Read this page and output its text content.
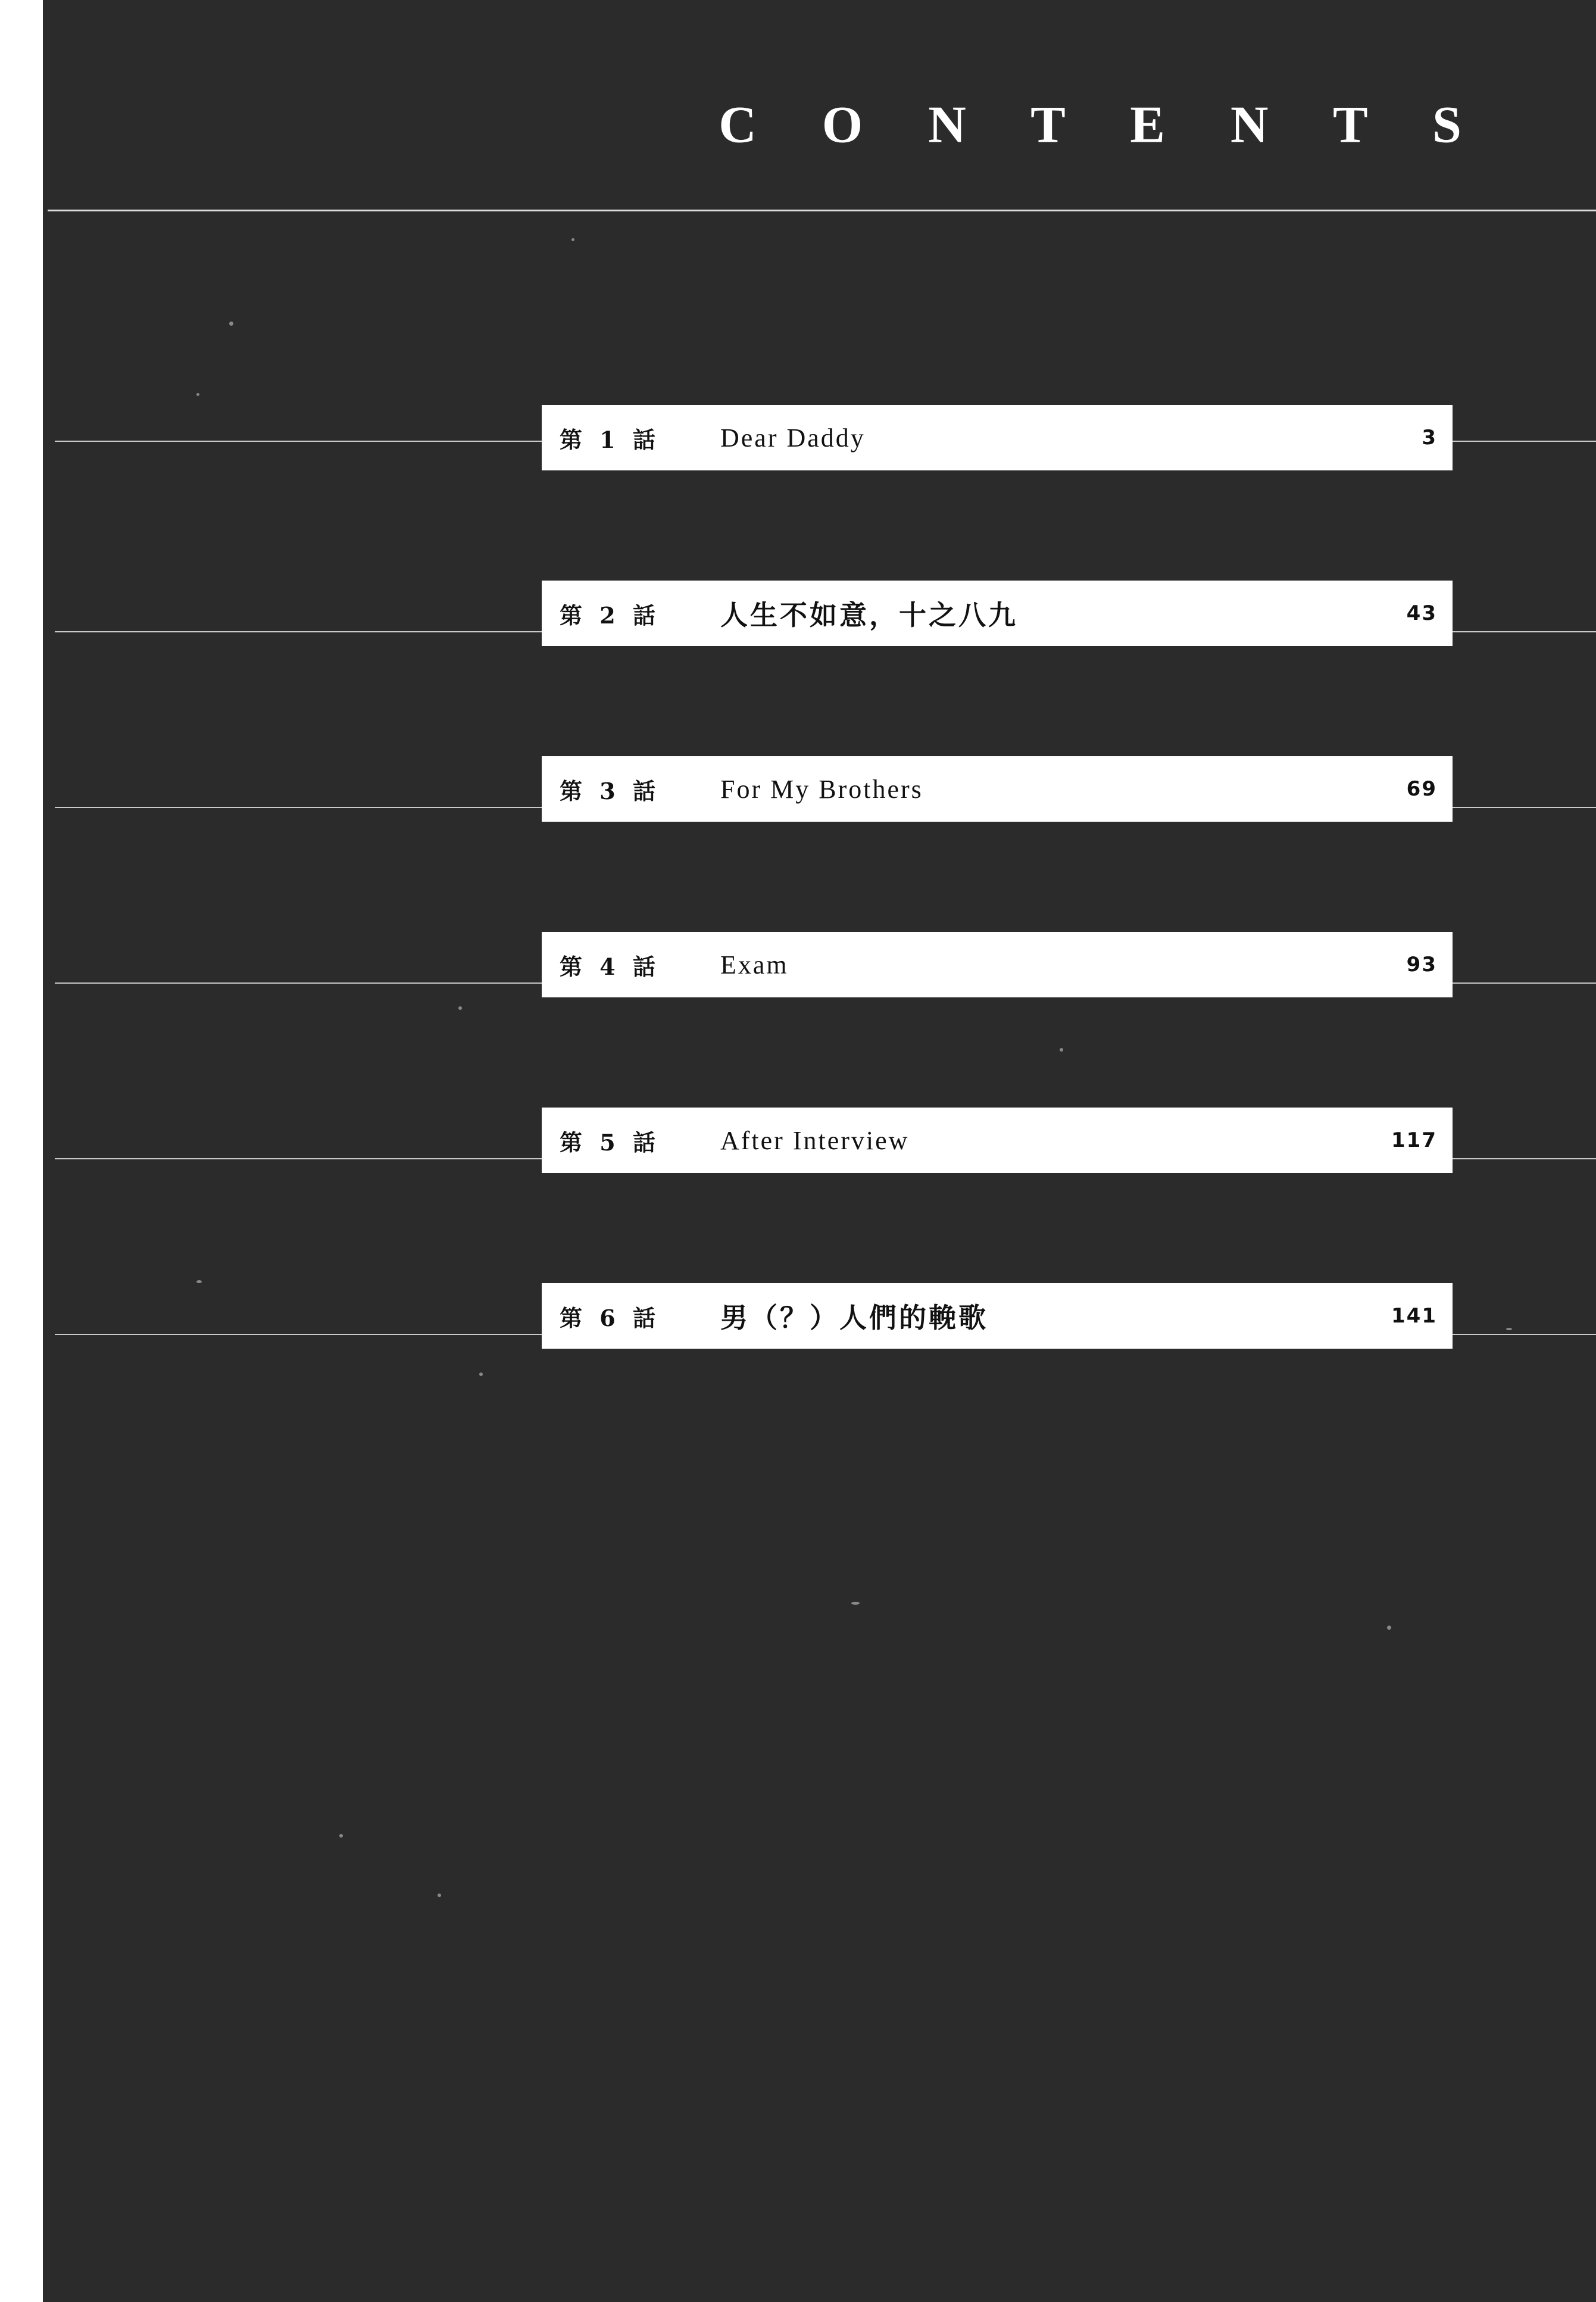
C O N T E N T S
第 1 話	Dear Daddy	3
第 2 話	人生不如意，十之八九	43
第 3 話	For My Brothers	69
第 4 話	Exam	93
第 5 話	After Interview	117
第 6 話	男（？）人們的輓歌	141
